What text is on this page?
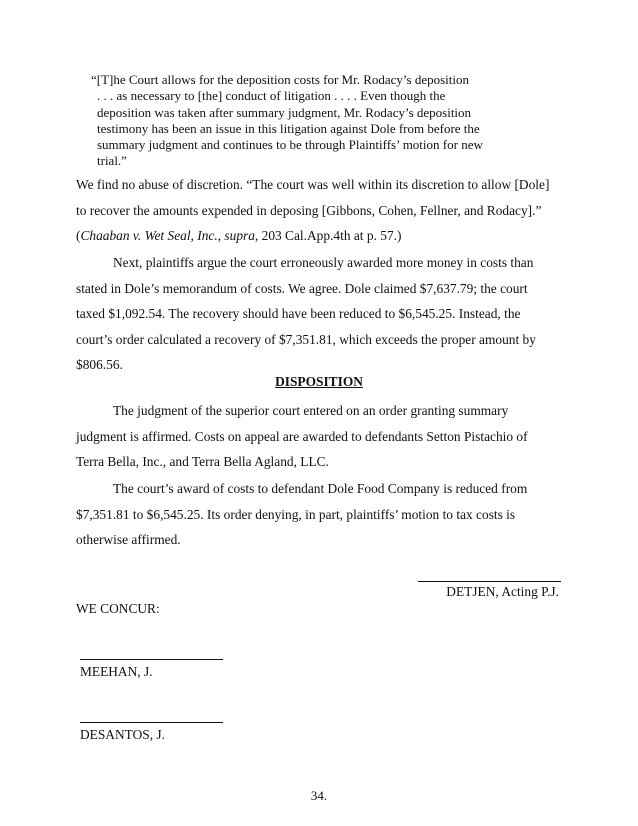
“[T]he Court allows for the deposition costs for Mr. Rodacy’s deposition
. . . as necessary to [the] conduct of litigation . . . . Even though the
deposition was taken after summary judgment, Mr. Rodacy’s deposition
testimony has been an issue in this litigation against Dole from before the
summary judgment and continues to be through Plaintiffs’ motion for new
trial.”
We find no abuse of discretion. “The court was well within its discretion to allow [Dole]
to recover the amounts expended in deposing [Gibbons, Cohen, Fellner, and Rodacy].”
(Chaaban v. Wet Seal, Inc., supra, 203 Cal.App.4th at p. 57.)
Next, plaintiffs argue the court erroneously awarded more money in costs than
stated in Dole’s memorandum of costs. We agree. Dole claimed $7,637.79; the court
taxed $1,092.54. The recovery should have been reduced to $6,545.25. Instead, the
court’s order calculated a recovery of $7,351.81, which exceeds the proper amount by
$806.56.
DISPOSITION
The judgment of the superior court entered on an order granting summary
judgment is affirmed. Costs on appeal are awarded to defendants Setton Pistachio of
Terra Bella, Inc., and Terra Bella Agland, LLC.
The court’s award of costs to defendant Dole Food Company is reduced from
$7,351.81 to $6,545.25. Its order denying, in part, plaintiffs’ motion to tax costs is
otherwise affirmed.
DETJEN, Acting P.J.
WE CONCUR:
MEEHAN, J.
DESANTOS, J.
34.
